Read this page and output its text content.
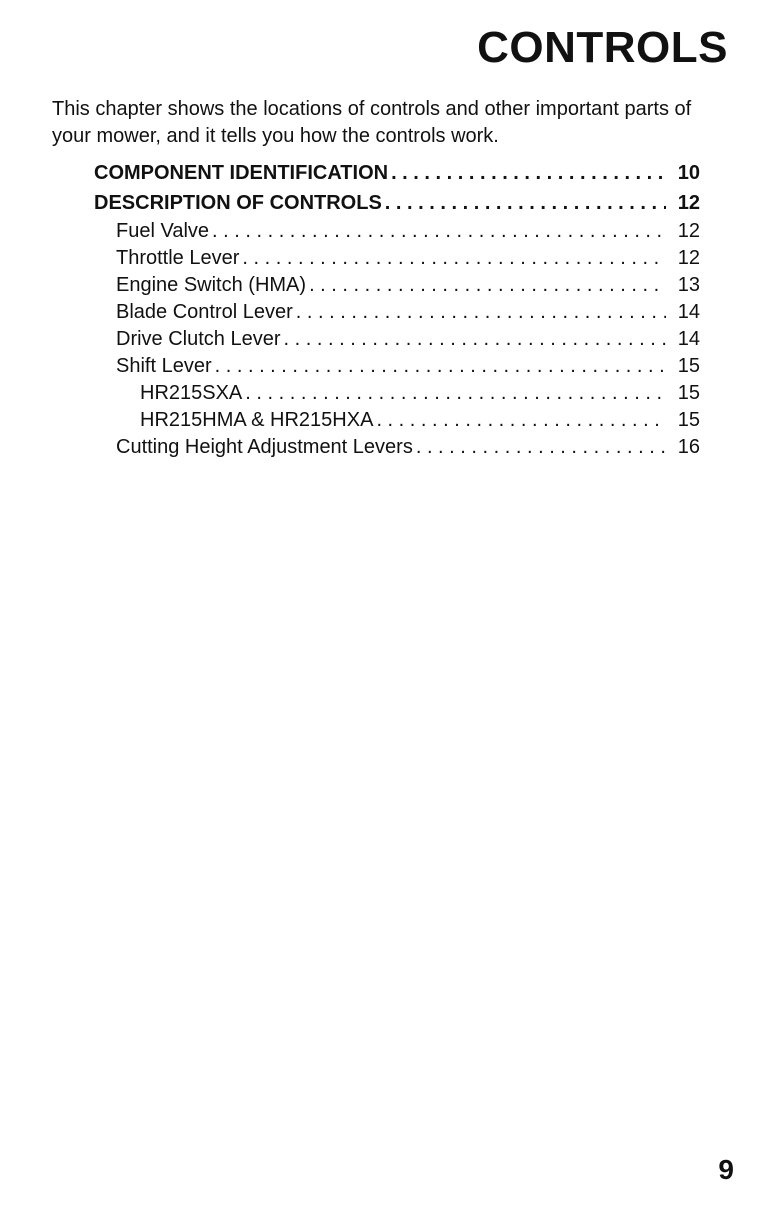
CONTROLS

This chapter shows the locations of controls and other important parts of your mower, and it tells you how the controls work.

COMPONENT IDENTIFICATION . . .	10
DESCRIPTION OF CONTROLS . . .	12
Fuel Valve . . .	12
Throttle Lever . . .	12
Engine Switch (HMA) . . .	13
Blade Control Lever . . .	14
Drive Clutch Lever . . .	14
Shift Lever . . .	15
HR215SXA . . .	15
HR215HMA & HR215HXA . . .	15
Cutting Height Adjustment Levers . . .	16

9
